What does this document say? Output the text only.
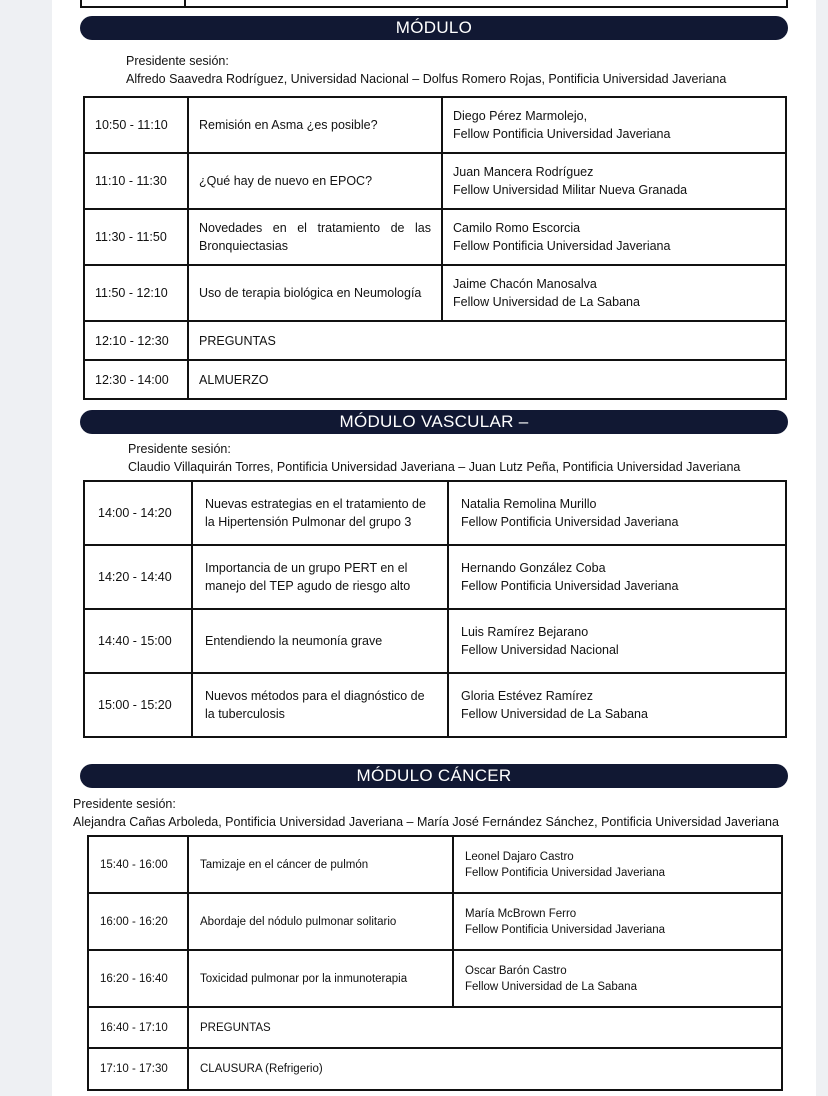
MÓDULO
Presidente sesión:
Alfredo Saavedra Rodríguez, Universidad Nacional – Dolfus Romero Rojas, Pontificia Universidad Javeriana
10:50 - 11:10	Remisión en Asma ¿es posible?	Diego Pérez Marmolejo,
Fellow Pontificia Universidad Javeriana

11:10 - 11:30	¿Qué hay de nuevo en EPOC?	Juan Mancera Rodríguez
Fellow Universidad Militar Nueva Granada

11:30 - 11:50	Novedades en el tratamiento de las
Bronquiectasias	Camilo Romo Escorcia
Fellow Pontificia Universidad Javeriana

11:50 - 12:10	Uso de terapia biológica en Neumología	Jaime Chacón Manosalva
Fellow Universidad de La Sabana

12:10 - 12:30	PREGUNTAS	
12:30 - 14:00	ALMUERZO	
MÓDULO VASCULAR –
Presidente sesión:
Claudio Villaquirán Torres, Pontificia Universidad Javeriana – Juan Lutz Peña, Pontificia Universidad Javeriana
14:00 - 14:20	Nuevas estrategias en el tratamiento de
la Hipertensión Pulmonar del grupo 3	Natalia Remolina Murillo
Fellow Pontificia Universidad Javeriana

14:20 - 14:40	Importancia de un grupo PERT en el
manejo del TEP agudo de riesgo alto	Hernando González Coba
Fellow Pontificia Universidad Javeriana

14:40 - 15:00	Entendiendo la neumonía grave	Luis Ramírez Bejarano
Fellow Universidad Nacional

15:00 - 15:20	Nuevos métodos para el diagnóstico de
la tuberculosis	Gloria Estévez Ramírez
Fellow Universidad de La Sabana
MÓDULO CÁNCER
Presidente sesión:
Alejandra Cañas Arboleda, Pontificia Universidad Javeriana – María José Fernández Sánchez, Pontificia Universidad Javeriana
15:40 - 16:00	Tamizaje en el cáncer de pulmón	Leonel Dajaro Castro
Fellow Pontificia Universidad Javeriana

16:00 - 16:20	Abordaje del nódulo pulmonar solitario	María McBrown Ferro
Fellow Pontificia Universidad Javeriana

16:20 - 16:40	Toxicidad pulmonar por la inmunoterapia	Oscar Barón Castro
Fellow Universidad de La Sabana

16:40 - 17:10	PREGUNTAS	
17:10 - 17:30	CLAUSURA (Refrigerio)	
